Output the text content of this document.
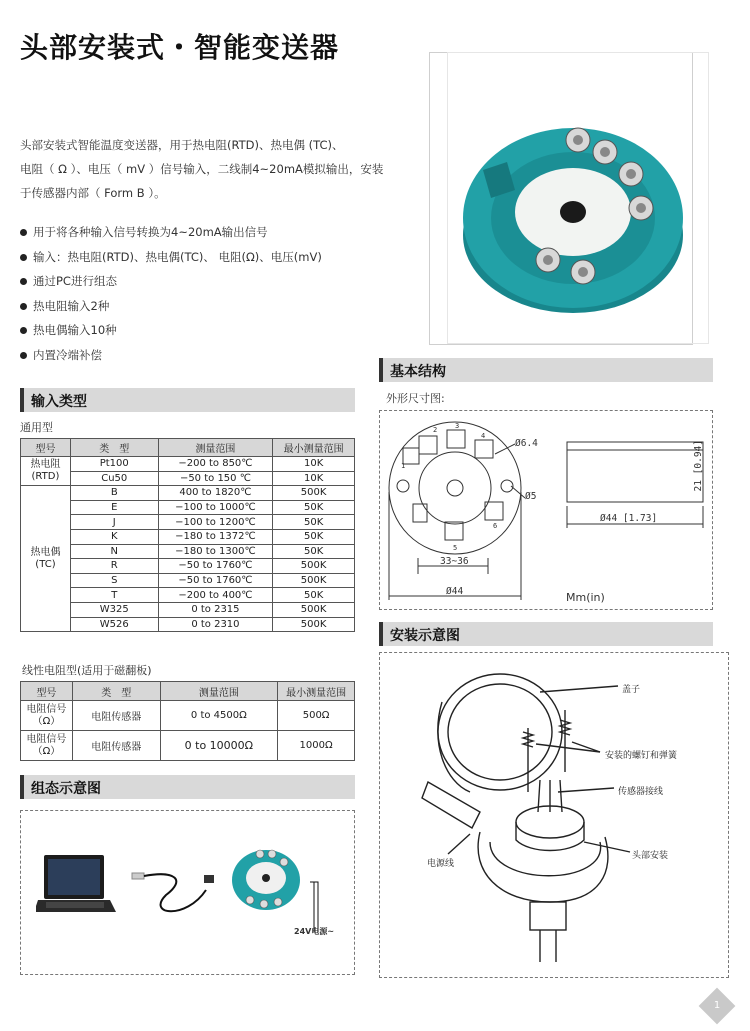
头部安装式・智能变送器
头部安装式智能温度变送器，用于热电阻(RTD)、热电偶 (TC)、
电阻（ Ω ）、电压（ mV ）信号输入，二线制4~20mA模拟输出，安装
于传感器内部（ Form B ）。
用于将各种输入信号转换为4~20mA输出信号
输入：热电阻(RTD)、热电偶(TC)、 电阻(Ω)、电压(mV)
通过PC进行组态
热电阻输入2种
热电偶输入10种
内置冷端补偿
输入类型
通用型
型号	类　型	测量范围	最小测量范围
热电阻
(RTD)	Pt100	−200 to 850℃	10K
	Cu50	−50 to 150 ℃	10K
热电偶
(TC)	B	400 to 1820℃	500K
	E	−100 to 1000℃	50K
	J	−100 to 1200℃	50K
	K	−180 to 1372℃	50K
	N	−180 to 1300℃	50K
	R	−50 to 1760℃	500K
	S	−50 to 1760℃	500K
	T	−200 to 400℃	50K
	W325	0 to 2315	500K
	W526	0 to 2310	500K
线性电阻型(适用于磁翻板)
型号	类　型	测量范围	最小测量范围
电阻信号
（Ω）	电阻传感器	0 to 4500Ω	500Ω
电阻信号
（Ω）	电阻传感器	0 to 10000Ω	1000Ω
组态示意图
24V电源~
基本结构
外形尺寸图:
1
2	3
4
5
6
Ø6.4
Ø5
33~36
Ø44
Ø44 [1.73]
21 [0.94]
Mm(in)
安装示意图
盖子
安装的螺钉和弹簧
传感器接线
头部安装
电源线
1
